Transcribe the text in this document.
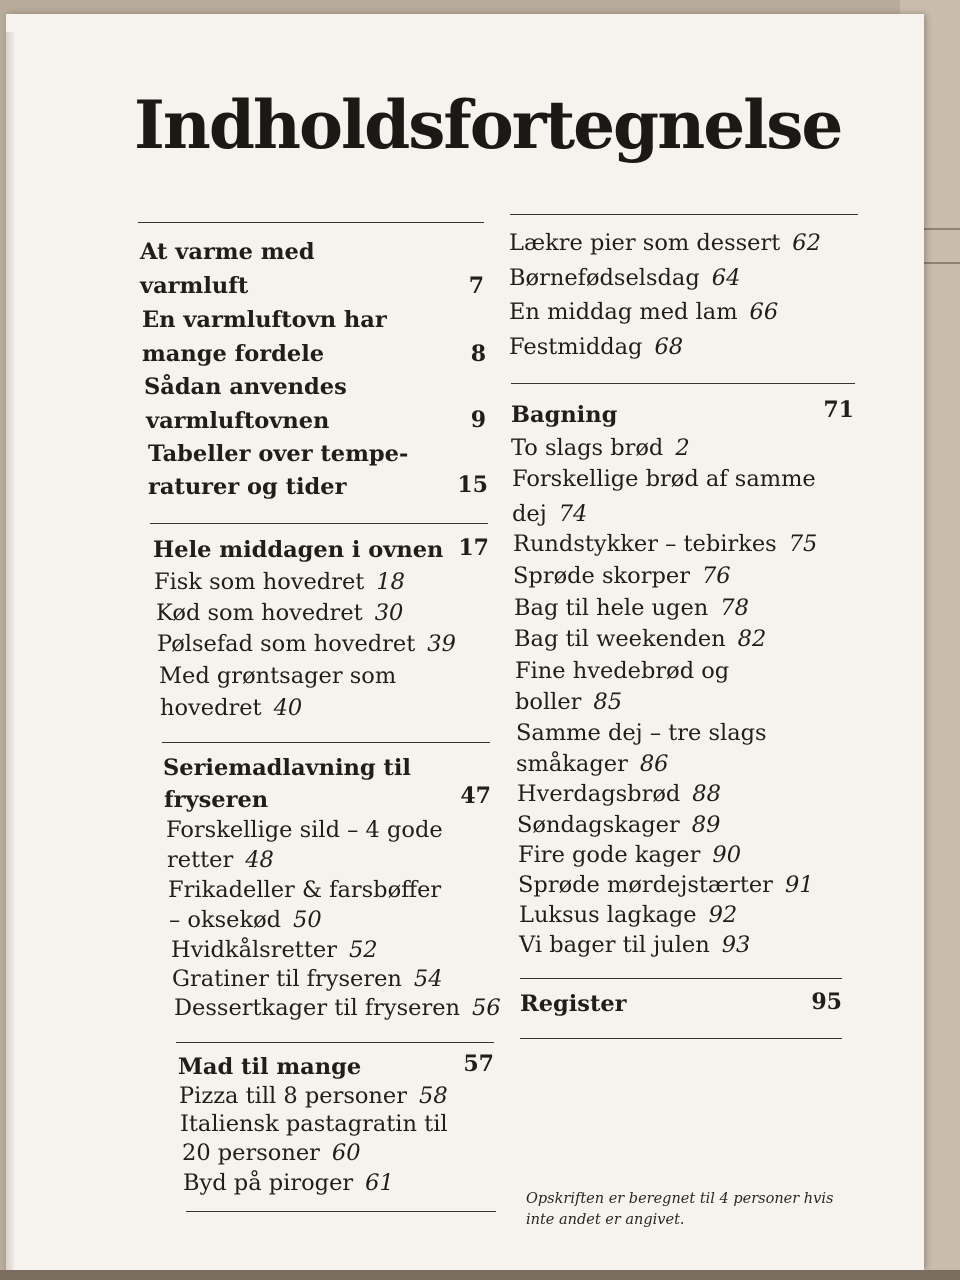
Indholdsfortegnelse
At varme med
varmluft	7
En varmluftovn har
mange fordele	8
Sådan anvendes
varmluftovnen	9
Tabeller over tempe-
raturer og tider	15
Hele middagen i ovnen 17
Fisk som hovedret 18
Kød som hovedret 30
Pølsefad som hovedret 39
Med grøntsager som
hovedret 40
Seriemadlavning til
fryseren	47
Forskellige sild – 4 gode
retter 48
Frikadeller & farsbøffer
– oksekød 50
Hvidkålsretter 52
Gratiner til fryseren 54
Dessertkager til fryseren 56
Mad til mange	57
Pizza till 8 personer 58
Italiensk pastagratin til
20 personer 60
Byd på piroger 61
Lækre pier som dessert 62
Børnefødselsdag 64
En middag med lam 66
Festmiddag 68
Bagning	71
To slags brød 2
Forskellige brød af samme
dej 74
Rundstykker – tebirkes 75
Sprøde skorper 76
Bag til hele ugen 78
Bag til weekenden 82
Fine hvedebrød og
boller 85
Samme dej – tre slags
småkager 86
Hverdagsbrød 88
Søndagskager 89
Fire gode kager 90
Sprøde mørdejstærter 91
Luksus lagkage 92
Vi bager til julen 93
Register	95
Opskriften er beregnet til 4 personer hvis inte andet er angivet.
